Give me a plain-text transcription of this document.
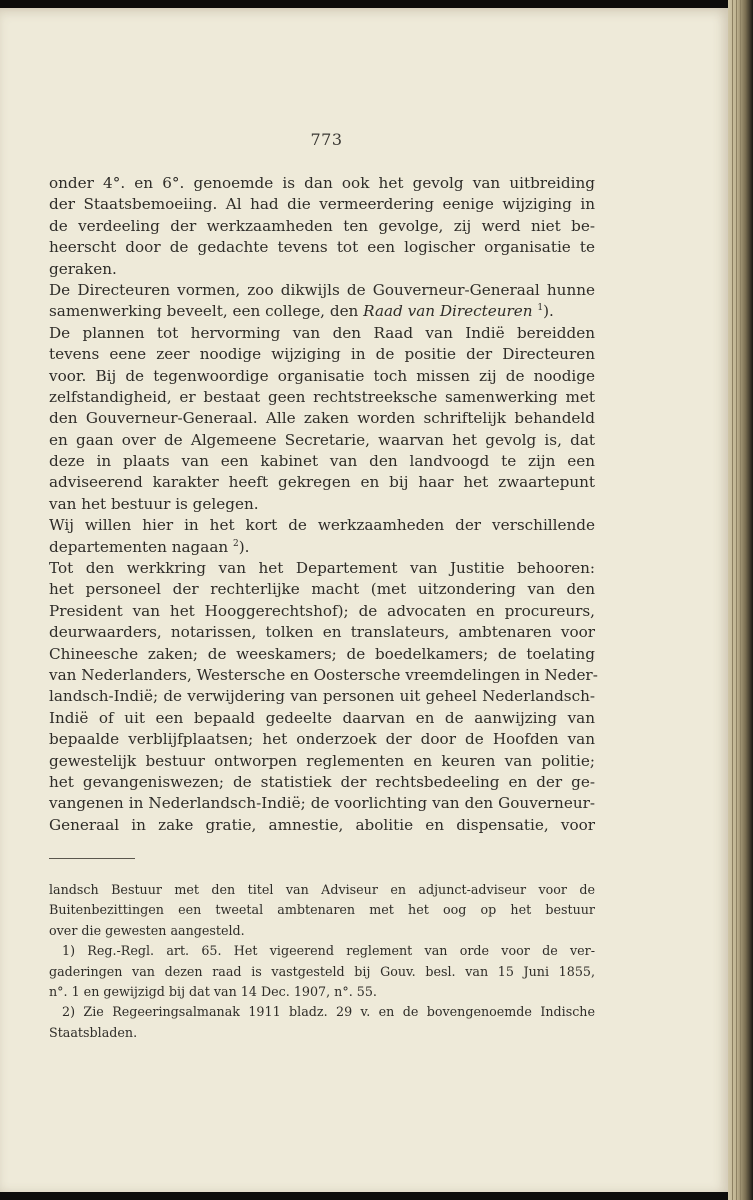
773
onder 4°. en 6°. genoemde is dan ook het gevolg van uitbreiding
der Staatsbemoeiing. Al had die vermeerdering eenige wijziging in
de verdeeling der werkzaamheden ten gevolge, zij werd niet be-
heerscht door de gedachte tevens tot een logischer organisatie te
geraken.
De Directeuren vormen, zoo dikwijls de Gouverneur-Generaal hunne
samenwerking beveelt, een college, den Raad van Directeuren $^1$).
De plannen tot hervorming van den Raad van Indië bereidden
tevens eene zeer noodige wijziging in de positie der Directeuren
voor. Bij de tegenwoordige organisatie toch missen zij de noodige
zelfstandigheid, er bestaat geen rechtstreeksche samenwerking met
den Gouverneur-Generaal. Alle zaken worden schriftelijk behandeld
en gaan over de Algemeene Secretarie, waarvan het gevolg is, dat
deze in plaats van een kabinet van den landvoogd te zijn een
adviseerend karakter heeft gekregen en bij haar het zwaartepunt
van het bestuur is gelegen.
Wij willen hier in het kort de werkzaamheden der verschillende
departementen nagaan $^2$).
Tot den werkkring van het Departement van Justitie behooren:
het personeel der rechterlijke macht (met uitzondering van den
President van het Hooggerechtshof); de advocaten en procureurs,
deurwaarders, notarissen, tolken en translateurs, ambtenaren voor
Chineesche zaken; de weeskamers; de boedelkamers; de toelating
van Nederlanders, Westersche en Oostersche vreemdelingen in Neder-
landsch-Indië; de verwijdering van personen uit geheel Nederlandsch-
Indië of uit een bepaald gedeelte daarvan en de aanwijzing van
bepaalde verblijfplaatsen; het onderzoek der door de Hoofden van
gewestelijk bestuur ontworpen reglementen en keuren van politie;
het gevangeniswezen; de statistiek der rechtsbedeeling en der ge-
vangenen in Nederlandsch-Indië; de voorlichting van den Gouverneur-
Generaal in zake gratie, amnestie, abolitie en dispensatie, voor
landsch Bestuur met den titel van Adviseur en adjunct-adviseur voor de
Buitenbezittingen een tweetal ambtenaren met het oog op het bestuur
over die gewesten aangesteld.
1) Reg.-Regl. art. 65. Het vigeerend reglement van orde voor de ver-
gaderingen van dezen raad is vastgesteld bij Gouv. besl. van 15 Juni 1855,
n°. 1 en gewijzigd bij dat van 14 Dec. 1907, n°. 55.
2) Zie Regeeringsalmanak 1911 bladz. 29 v. en de bovengenoemde Indische
Staatsbladen.
